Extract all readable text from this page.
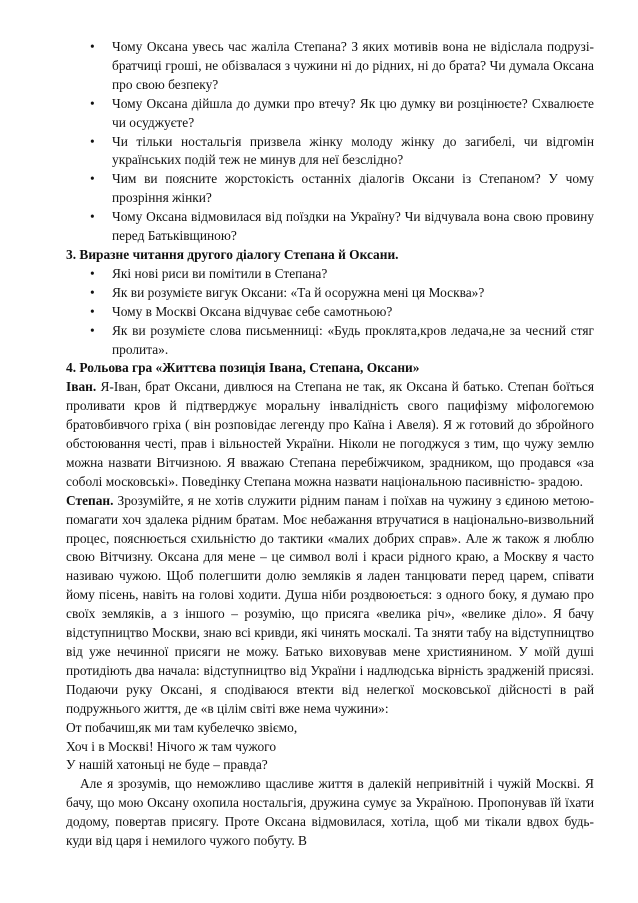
• Чому Оксана увесь час жаліла Степана? З яких мотивів вона не відіслала подрузі-братчиці гроші, не обізвалася з чужини ні до рідних, ні до брата? Чи думала Оксана про свою безпеку?
• Чому Оксана дійшла до думки про втечу? Як цю думку ви розцінюєте? Схвалюєте чи осуджуєте?
• Чи тільки ностальгія призвела жінку молоду жінку до загибелі, чи відгомін українських подій теж не минув для неї безслідно?
• Чим ви поясните жорстокість останніх діалогів Оксани із Степаном? У чому прозріння жінки?
• Чому Оксана відмовилася від поїздки на Україну? Чи відчувала вона свою провину перед Батьківщиною?

3. Виразне читання другого діалогу Степана й Оксани.

• Які нові риси ви помітили в Степана?
• Як ви розумієте вигук Оксани: «Та й осоружна мені ця Москва»?
• Чому в Москві Оксана відчуває себе самотньою?
• Як ви розумієте слова письменниці: «Будь проклята,кров ледача,не за чесний стяг пролита».

4. Рольова гра «Життєва позиція Івана, Степана, Оксани»

Іван. Я-Іван, брат Оксани, дивлюся на Степана не так, як Оксана й батько. Степан боїться проливати кров й підтверджує моральну інвалідність свого пацифізму міфологемою братовбивчого гріха ( він розповідає легенду про Каїна і Авеля). Я ж готовий до збройного обстоювання честі, прав і вільностей України. Ніколи не погоджуся з тим, що чужу землю можна назвати Вітчизною. Я вважаю Степана перебіжчиком, зрадником, що продався «за соболі московські». Поведінку Степана можна назвати національною пасивністю- зрадою.

Степан. Зрозумійте, я не хотів служити рідним панам і поїхав на чужину з єдиною метою- помагати хоч здалека рідним братам. Моє небажання втручатися в національно-визвольний процес, пояснюється схильністю до тактики «малих добрих справ». Але ж також я люблю свою Вітчизну. Оксана для мене – це символ волі і краси рідного краю, а Москву я часто називаю чужою. Щоб полегшити долю земляків я ладен танцювати перед царем, співати йому пісень, навіть на голові ходити. Душа ніби роздвоюється: з одного боку, я думаю про своїх земляків, а з іншого – розумію, що присяга «велика річ», «велике діло». Я бачу відступництво Москви, знаю всі кривди, які чинять москалі. Та зняти табу на відступництво від уже нечинної присяги не можу. Батько виховував мене християнином. У моїй душі протидіють два начала: відступництво від України і надлюдська вірність зрадженій присязі. Подаючи руку Оксані, я сподіваюся втекти від нелегкої московської дійсності в рай подружнього життя, де «в цілім світі вже нема чужини»:

От побачиш,як ми там кубелечко звіємо,

Хоч і в Москві! Нічого ж там чужого

У нашій хатоньці не буде – правда?

Але я зрозумів, що неможливо щасливе життя в далекій непривітній і чужій Москві. Я бачу, що мою Оксану охопила ностальгія, дружина сумує за Україною. Пропонував їй їхати додому, повертав присягу. Проте Оксана відмовилася, хотіла, щоб ми тікали вдвох будь-куди від царя і немилого чужого побуту. В
